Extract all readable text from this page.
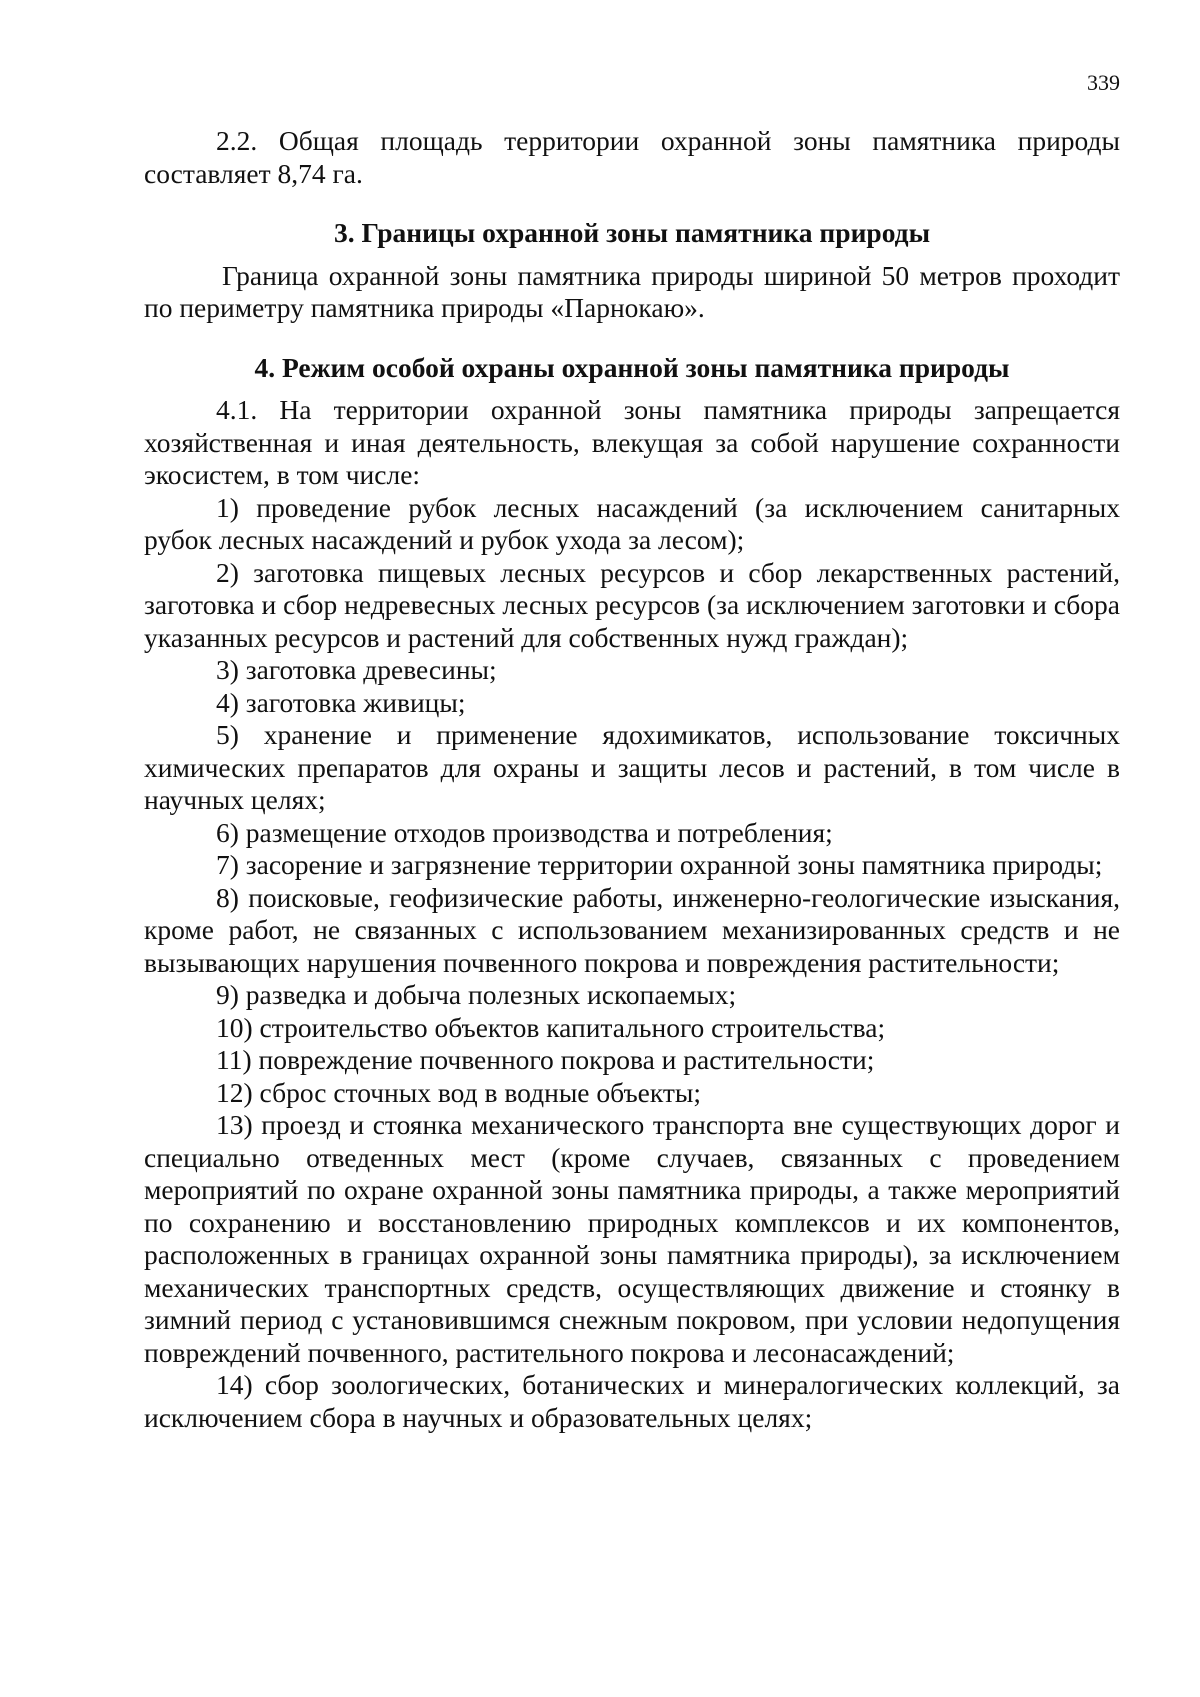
339

2.2. Общая площадь территории охранной зоны памятника природы составляет 8,74 га.

3. Границы охранной зоны памятника природы

Граница охранной зоны памятника природы шириной 50 метров проходит по периметру памятника природы «Парнокаю».

4. Режим особой охраны охранной зоны памятника природы

4.1. На территории охранной зоны памятника природы запрещается хозяйственная и иная деятельность, влекущая за собой нарушение сохранности экосистем, в том числе:

1) проведение рубок лесных насаждений (за исключением санитарных рубок лесных насаждений и рубок ухода за лесом);

2) заготовка пищевых лесных ресурсов и сбор лекарственных растений, заготовка и сбор недревесных лесных ресурсов (за исключением заготовки и сбора указанных ресурсов и растений для собственных нужд граждан);

3) заготовка древесины;

4) заготовка живицы;

5) хранение и применение ядохимикатов, использование токсичных химических препаратов для охраны и защиты лесов и растений, в том числе в научных целях;

6) размещение отходов производства и потребления;

7) засорение и загрязнение территории охранной зоны памятника природы;

8) поисковые, геофизические работы, инженерно-геологические изыскания, кроме работ, не связанных с использованием механизированных средств и не вызывающих нарушения почвенного покрова и повреждения растительности;

9) разведка и добыча полезных ископаемых;

10) строительство объектов капитального строительства;

11) повреждение почвенного покрова и растительности;

12) сброс сточных вод в водные объекты;

13) проезд и стоянка механического транспорта вне существующих дорог и специально отведенных мест (кроме случаев, связанных с проведением мероприятий по охране охранной зоны памятника природы, а также мероприятий по сохранению и восстановлению природных комплексов и их компонентов, расположенных в границах охранной зоны памятника природы), за исключением механических транспортных средств, осуществляющих движение и стоянку в зимний период с установившимся снежным покровом, при условии недопущения повреждений почвенного, растительного покрова и лесонасаждений;

14) сбор зоологических, ботанических и минералогических коллекций, за исключением сбора в научных и образовательных целях;
